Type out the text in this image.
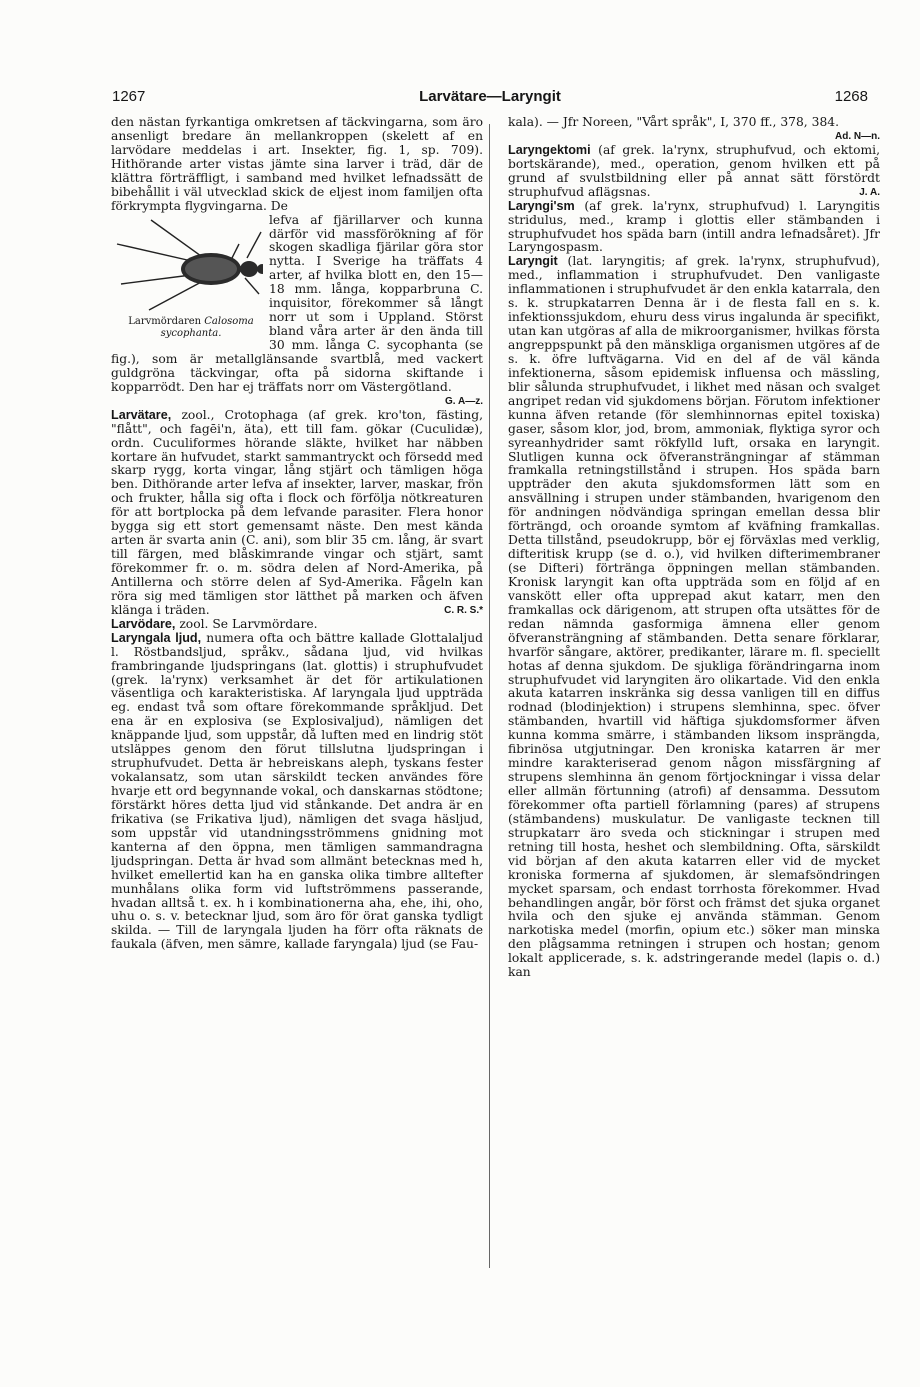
1267	Larvätare—Laryngit	1268

den nästan fyrkantiga omkretsen af täckvingarna, som äro ansenligt bredare än mellankroppen (skelett af en larvödare meddelas i art. Insekter, fig. 1, sp. 709). Hithörande arter vistas jämte sina larver i träd, där de klättra förträffligt, i samband med hvilket lefnadssätt de bibehållit i väl utvecklad skick de eljest inom familjen ofta förkrympta flygvingarna. De

Larvmördaren Calosoma
sycophanta.

lefva af fjärillarver och kunna därför vid massförökning af för skogen skadliga fjärilar göra stor nytta. I Sverige ha träffats 4 arter, af hvilka blott en, den 15—18 mm. långa, kopparbruna C. inquisitor, förekommer så långt norr ut som i Uppland. Störst bland våra arter är den ända till 30 mm. långa C. sycophanta (se fig.), som är metallglänsande svartblå, med vackert guldgröna täckvingar, ofta på sidorna skiftande i kopparrödt. Den har ej träffats norr om Västergötland.

G. A—z.

Larvätare, zool., Crotophaga (af grek. kro'ton, fästing, "flått", och fagēi'n, äta), ett till fam. gökar (Cuculidæ), ordn. Cuculiformes hörande släkte, hvilket har näbben kortare än hufvudet, starkt sammantryckt och försedd med skarp rygg, korta vingar, lång stjärt och tämligen höga ben. Dithörande arter lefva af insekter, larver, maskar, frön och frukter, hålla sig ofta i flock och förfölja nötkreaturen för att bortplocka på dem lefvande parasiter. Flera honor bygga sig ett stort gemensamt näste. Den mest kända arten är svarta anin (C. ani), som blir 35 cm. lång, är svart till färgen, med blåskimrande vingar och stjärt, samt förekommer fr. o. m. södra delen af Nord-Amerika, på Antillerna och större delen af Syd-Amerika. Fågeln kan röra sig med tämligen stor lätthet på marken och äfven klänga i träden.	C. R. S.*

Larvödare, zool. Se Larvmördare.

Laryngala ljud, numera ofta och bättre kallade Glottalaljud l. Röstbandsljud, språkv., sådana ljud, vid hvilkas frambringande ljudspringans (lat. glottis) i struphufvudet (grek. la'rynx) verksamhet är det för artikulationen väsentliga och karakteristiska. Af laryngala ljud uppträda eg. endast två som oftare förekommande språkljud. Det ena är en explosiva (se Explosivaljud), nämligen det knäppande ljud, som uppstår, då luften med en lindrig stöt utsläppes genom den förut tillslutna ljudspringan i struphufvudet. Detta är hebreiskans aleph, tyskans fester vokalansatz, som utan särskildt tecken användes före hvarje ett ord begynnande vokal, och danskarnas stödtone; förstärkt höres detta ljud vid stånkande. Det andra är en frikativa (se Frikativa ljud), nämligen det svaga häsljud, som uppstår vid utandningsströmmens gnidning mot kanterna af den öppna, men tämligen sammandragna ljudspringan. Detta är hvad som allmänt betecknas med h, hvilket emellertid kan ha en ganska olika timbre alltefter munhålans olika form vid luftströmmens passerande, hvadan alltså t. ex. h i kombinationerna aha, ehe, ihi, oho, uhu o. s. v. betecknar ljud, som äro för örat ganska tydligt skilda. — Till de laryngala ljuden ha förr ofta räknats de faukala (äfven, men sämre, kallade faryngala) ljud (se Fau-

kala). — Jfr Noreen, "Vårt språk", I, 370 ff., 378, 384.
Ad. N—n.

Laryngektomi (af grek. la'rynx, struphufvud, och ektomi, bortskärande), med., operation, genom hvilken ett på grund af svulstbildning eller på annat sätt förstördt struphufvud aflägsnas.	J. A.

Laryngi'sm (af grek. la'rynx, struphufvud) l. Laryngitis stridulus, med., kramp i glottis eller stämbanden i struphufvudet hos späda barn (intill andra lefnadsåret). Jfr Laryngospasm.

Laryngit (lat. laryngitis; af grek. la'rynx, struphufvud), med., inflammation i struphufvudet. Den vanligaste inflammationen i struphufvudet är den enkla katarrala, den s. k. strupkatarren Denna är i de flesta fall en s. k. infektionssjukdom, ehuru dess virus ingalunda är specifikt, utan kan utgöras af alla de mikroorganismer, hvilkas första angreppspunkt på den mänskliga organismen utgöres af de s. k. öfre luftvägarna. Vid en del af de väl kända infektionerna, såsom epidemisk influensa och mässling, blir sålunda struphufvudet, i likhet med näsan och svalget angripet redan vid sjukdomens början. Förutom infektioner kunna äfven retande (för slemhinnornas epitel toxiska) gaser, såsom klor, jod, brom, ammoniak, flyktiga syror och syreanhydrider samt rökfylld luft, orsaka en laryngit. Slutligen kunna ock öfveransträngningar af stämman framkalla retningstillstånd i strupen. Hos späda barn uppträder den akuta sjukdomsformen lätt som en ansvällning i strupen under stämbanden, hvarigenom den för andningen nödvändiga springan emellan dessa blir förträngd, och oroande symtom af kväfning framkallas. Detta tillstånd, pseudokrupp, bör ej förväxlas med verklig, difteritisk krupp (se d. o.), vid hvilken difterimembraner (se Difteri) förtränga öppningen mellan stämbanden. Kronisk laryngit kan ofta uppträda som en följd af en vanskött eller ofta upprepad akut katarr, men den framkallas ock därigenom, att strupen ofta utsättes för de redan nämnda gasformiga ämnena eller genom öfveransträngning af stämbanden. Detta senare förklarar, hvarför sångare, aktörer, predikanter, lärare m. fl. speciellt hotas af denna sjukdom. De sjukliga förändringarna inom struphufvudet vid laryngiten äro olikartade. Vid den enkla akuta katarren inskränka sig dessa vanligen till en diffus rodnad (blodinjektion) i strupens slemhinna, spec. öfver stämbanden, hvartill vid häftiga sjukdomsformer äfven kunna komma smärre, i stämbanden liksom insprängda, fibrinösa utgjutningar. Den kroniska katarren är mer mindre karakteriserad genom någon missfärgning af strupens slemhinna än genom förtjockningar i vissa delar eller allmän förtunning (atrofi) af densamma. Dessutom förekommer ofta partiell förlamning (pares) af strupens (stämbandens) muskulatur. De vanligaste tecknen till strupkatarr äro sveda och stickningar i strupen med retning till hosta, heshet och slembildning. Ofta, särskildt vid början af den akuta katarren eller vid de mycket kroniska formerna af sjukdomen, är slemafsöndringen mycket sparsam, och endast torrhosta förekommer. Hvad behandlingen angår, bör först och främst det sjuka organet hvila och den sjuke ej använda stämman. Genom narkotiska medel (morfin, opium etc.) söker man minska den plågsamma retningen i strupen och hostan; genom lokalt applicerade, s. k. adstringerande medel (lapis o. d.) kan
